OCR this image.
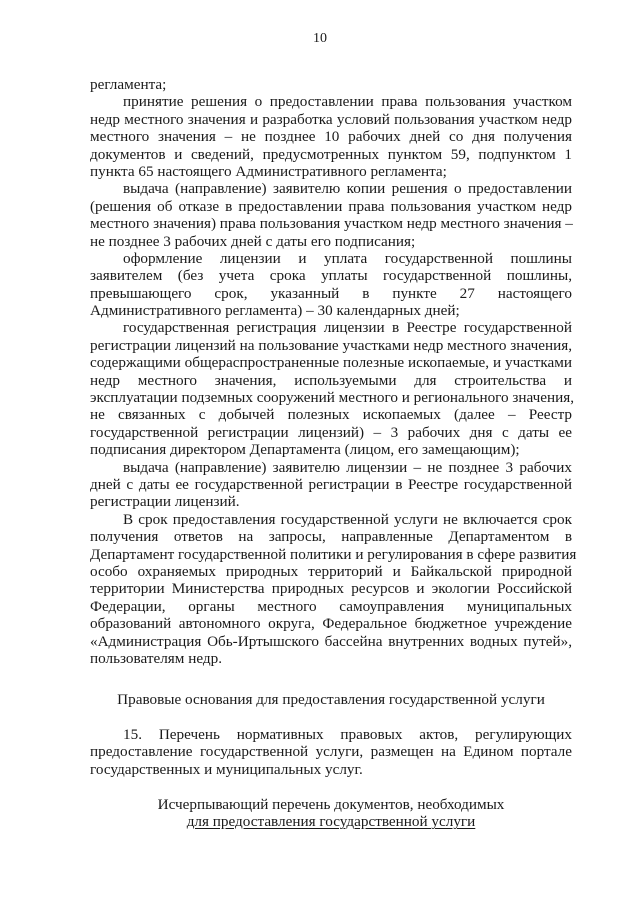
10
регламента;
принятие решения о предоставлении права пользования участком
недр местного значения и разработка условий пользования участком недр
местного значения – не позднее 10 рабочих дней со дня получения
документов и сведений, предусмотренных пунктом 59, подпунктом 1
пункта 65 настоящего Административного регламента;
выдача (направление) заявителю копии решения о предоставлении
(решения об отказе в предоставлении права пользования участком недр
местного значения) права пользования участком недр местного значения –
не позднее 3 рабочих дней с даты его подписания;
оформление лицензии и уплата государственной пошлины
заявителем (без учета срока уплаты государственной пошлины,
превышающего срок, указанный в пункте 27 настоящего
Административного регламента) – 30 календарных дней;
государственная регистрация лицензии в Реестре государственной
регистрации лицензий на пользование участками недр местного значения,
содержащими общераспространенные полезные ископаемые, и участками
недр местного значения, используемыми для строительства и
эксплуатации подземных сооружений местного и регионального значения,
не связанных с добычей полезных ископаемых (далее – Реестр
государственной регистрации лицензий) – 3 рабочих дня с даты ее
подписания директором Департамента (лицом, его замещающим);
выдача (направление) заявителю лицензии – не позднее 3 рабочих
дней с даты ее государственной регистрации в Реестре государственной
регистрации лицензий.
В срок предоставления государственной услуги не включается срок
получения ответов на запросы, направленные Департаментом в
Департамент государственной политики и регулирования в сфере развития
особо охраняемых природных территорий и Байкальской природной
территории Министерства природных ресурсов и экологии Российской
Федерации, органы местного самоуправления муниципальных
образований автономного округа, Федеральное бюджетное учреждение
«Администрация Обь-Иртышского бассейна внутренних водных путей»,
пользователям недр.
Правовые основания для предоставления государственной услуги
15. Перечень нормативных правовых актов, регулирующих
предоставление государственной услуги, размещен на Едином портале
государственных и муниципальных услуг.
Исчерпывающий перечень документов, необходимых
для предоставления государственной услуги
